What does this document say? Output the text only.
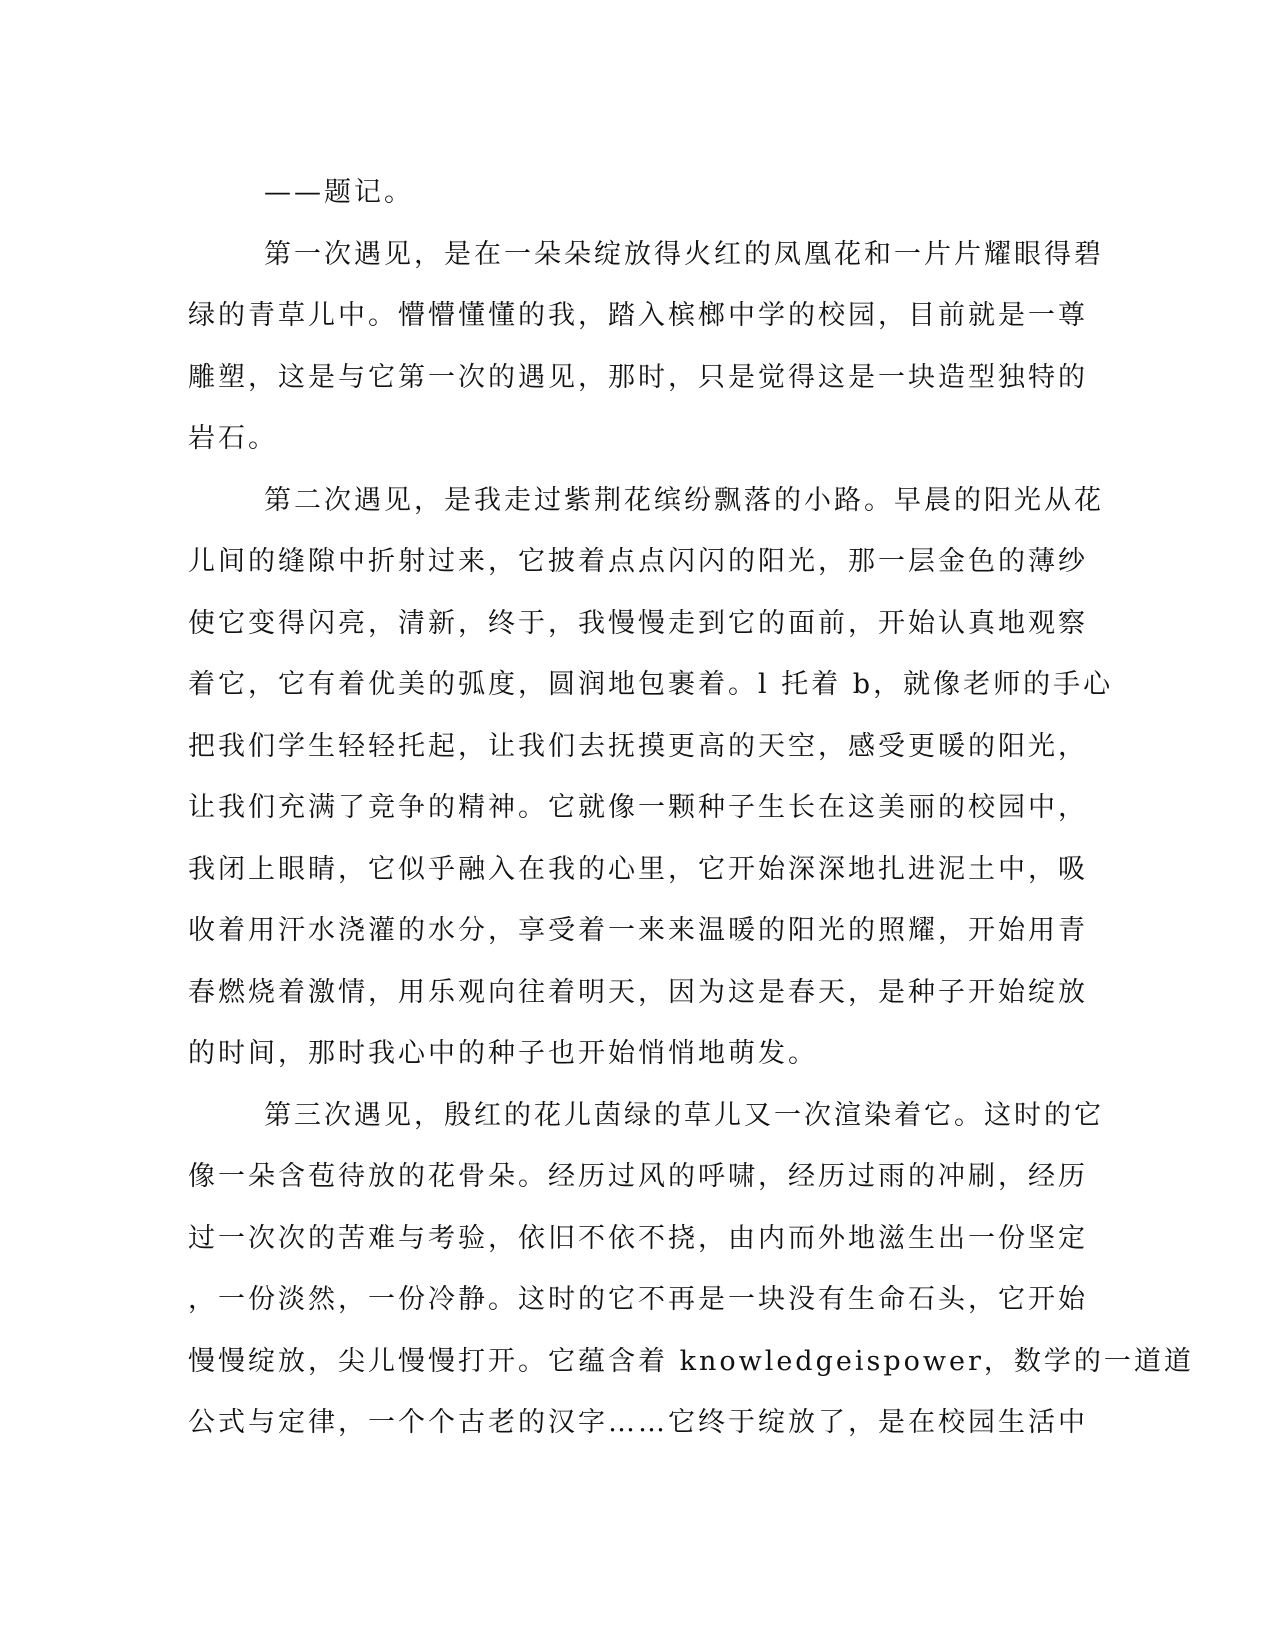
——题记。
第一次遇见，是在一朵朵绽放得火红的凤凰花和一片片耀眼得碧
绿的青草儿中。懵懵懂懂的我，踏入槟榔中学的校园，目前就是一尊
雕塑，这是与它第一次的遇见，那时，只是觉得这是一块造型独特的
岩石。
第二次遇见，是我走过紫荆花缤纷飘落的小路。早晨的阳光从花
儿间的缝隙中折射过来，它披着点点闪闪的阳光，那一层金色的薄纱
使它变得闪亮，清新，终于，我慢慢走到它的面前，开始认真地观察
着它，它有着优美的弧度，圆润地包裹着。l 托着 b，就像老师的手心
把我们学生轻轻托起，让我们去抚摸更高的天空，感受更暖的阳光，
让我们充满了竞争的精神。它就像一颗种子生长在这美丽的校园中，
我闭上眼睛，它似乎融入在我的心里，它开始深深地扎进泥土中，吸
收着用汗水浇灌的水分，享受着一来来温暖的阳光的照耀，开始用青
春燃烧着激情，用乐观向往着明天，因为这是春天，是种子开始绽放
的时间，那时我心中的种子也开始悄悄地萌发。
第三次遇见，殷红的花儿茵绿的草儿又一次渲染着它。这时的它
像一朵含苞待放的花骨朵。经历过风的呼啸，经历过雨的冲刷，经历
过一次次的苦难与考验，依旧不依不挠，由内而外地滋生出一份坚定
，一份淡然，一份冷静。这时的它不再是一块没有生命石头，它开始
慢慢绽放，尖儿慢慢打开。它蕴含着 knowledgeispower，数学的一道道
公式与定律，一个个古老的汉字……它终于绽放了，是在校园生活中
